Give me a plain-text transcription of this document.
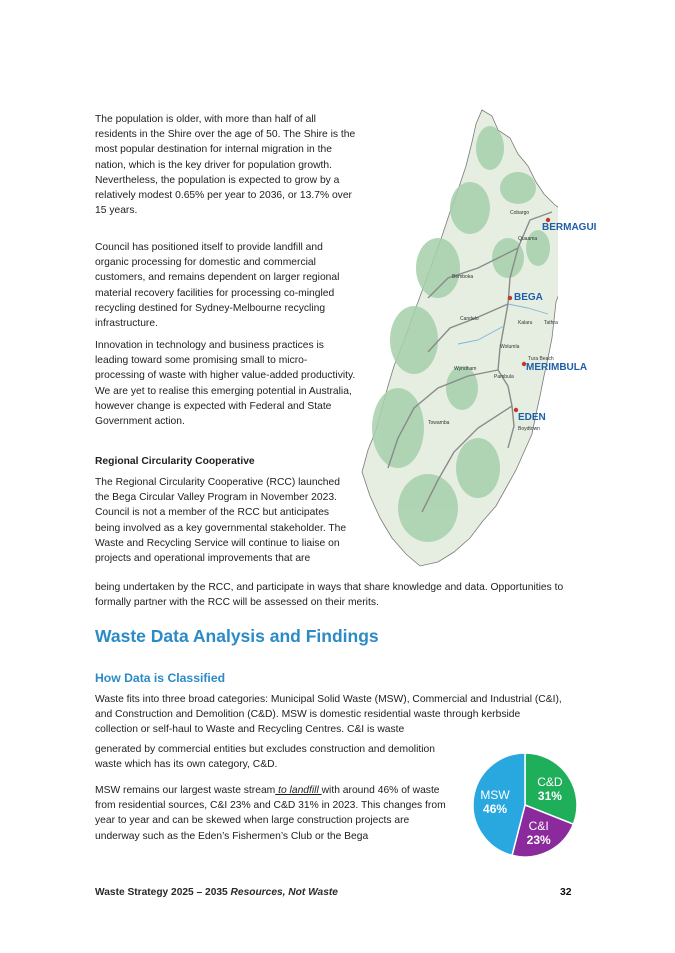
The population is older, with more than half of all residents in the Shire over the age of 50. The Shire is the most popular destination for internal migration in the nation, which is the key driver for population growth. Nevertheless, the population is expected to grow by a relatively modest 0.65% per year to 2036, or 13.7% over 15 years.

Council has positioned itself to provide landfill and organic processing for domestic and commercial customers, and remains dependent on larger regional material recovery facilities for processing co-mingled recycling destined for Sydney-Melbourne recycling infrastructure.

Innovation in technology and business practices is leading toward some promising small to micro-processing of waste with higher value-added productivity. We are yet to realise this emerging potential in Australia, however change is expected with Federal and State Government action.

Regional Circularity Cooperative

The Regional Circularity Cooperative (RCC) launched the Bega Circular Valley Program in November 2023. Council is not a member of the RCC but anticipates being involved as a key governmental stakeholder. The Waste and Recycling Service will continue to liaise on projects and operational improvements that are

being undertaken by the RCC, and participate in ways that share knowledge and data. Opportunities to formally partner with the RCC will be assessed on their merits.

Waste Data Analysis and Findings
How Data is Classified

Waste fits into three broad categories: Municipal Solid Waste (MSW), Commercial and Industrial (C&I), and Construction and Demolition (C&D). MSW is domestic residential waste through kerbside collection or self-haul to Waste and Recycling Centres. C&I is waste

generated by commercial entities but excludes construction and demolition waste which has its own category, C&D.

MSW remains our largest waste stream to landfill with around 46% of waste from residential sources, C&I 23% and C&D 31% in 2023. This changes from year to year and can be skewed when large construction projects are underway such as the Eden’s Fishermen’s Club or the Bega

BERMAGUI
BEGA
MERIMBULA
EDEN
Cobargo
Quaama
Bemboka
Candelo
Kalaru Tathra
Wolumla
Tura Beach
Pambula
Wyndham
Towamba
Boydtown
C&D
31%
C&I
23%
MSW
46%
Waste Strategy 2025 – 2035 Resources, Not Waste	32
